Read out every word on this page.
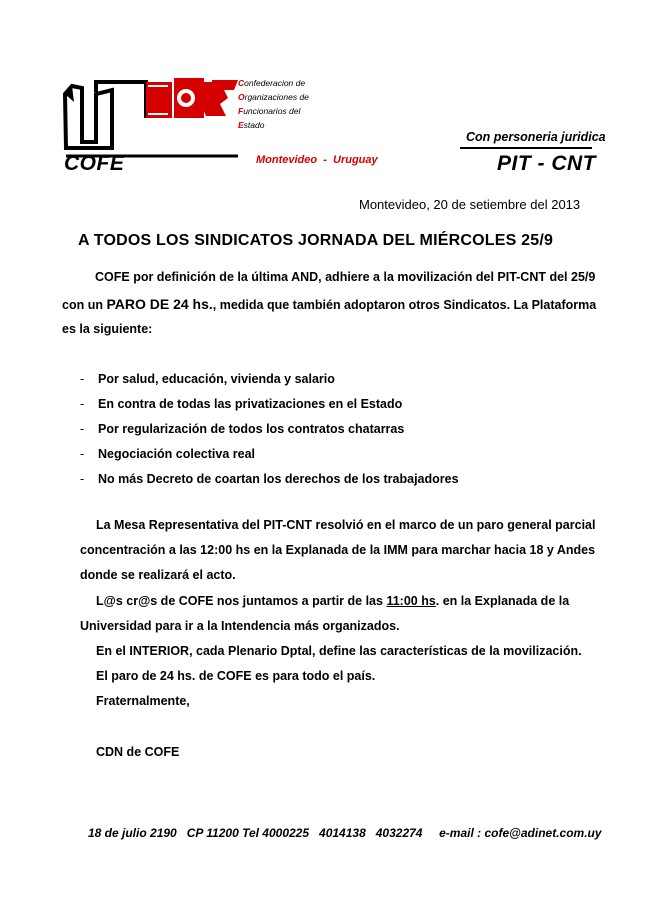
Confederacion de
Organizaciones de
Funcionarios del
Estado
COFE	Montevideo  -  Uruguay
Con personeria juridica
PIT - CNT
Montevideo, 20 de setiembre del 2013
A TODOS LOS SINDICATOS JORNADA DEL MIÉRCOLES 25/9
COFE por definición de la última AND, adhiere a la movilización del PIT-CNT del 25/9
con un PARO DE 24 hs., medida que también adoptaron otros Sindicatos. La Plataforma
es la siguiente:
- Por salud, educación, vivienda y salario
- En contra de todas las privatizaciones en el Estado
- Por regularización de todos los contratos chatarras
- Negociación colectiva real
- No más Decreto de coartan los derechos de los trabajadores
La Mesa Representativa del PIT-CNT resolvió en el marco de un paro general parcial
concentración a las 12:00 hs en la Explanada de la IMM para marchar hacia 18 y Andes
donde se realizará el acto.
L@s cr@s de COFE nos juntamos a partir de las 11:00 hs. en la Explanada de la
Universidad para ir a la Intendencia más organizados.
En el INTERIOR, cada Plenario Dptal, define las características de la movilización.
El paro de 24 hs. de COFE es para todo el país.
Fraternalmente,
CDN de COFE
18 de julio 2190   CP 11200 Tel 4000225   4014138   4032274     e-mail : cofe@adinet.com.uy
